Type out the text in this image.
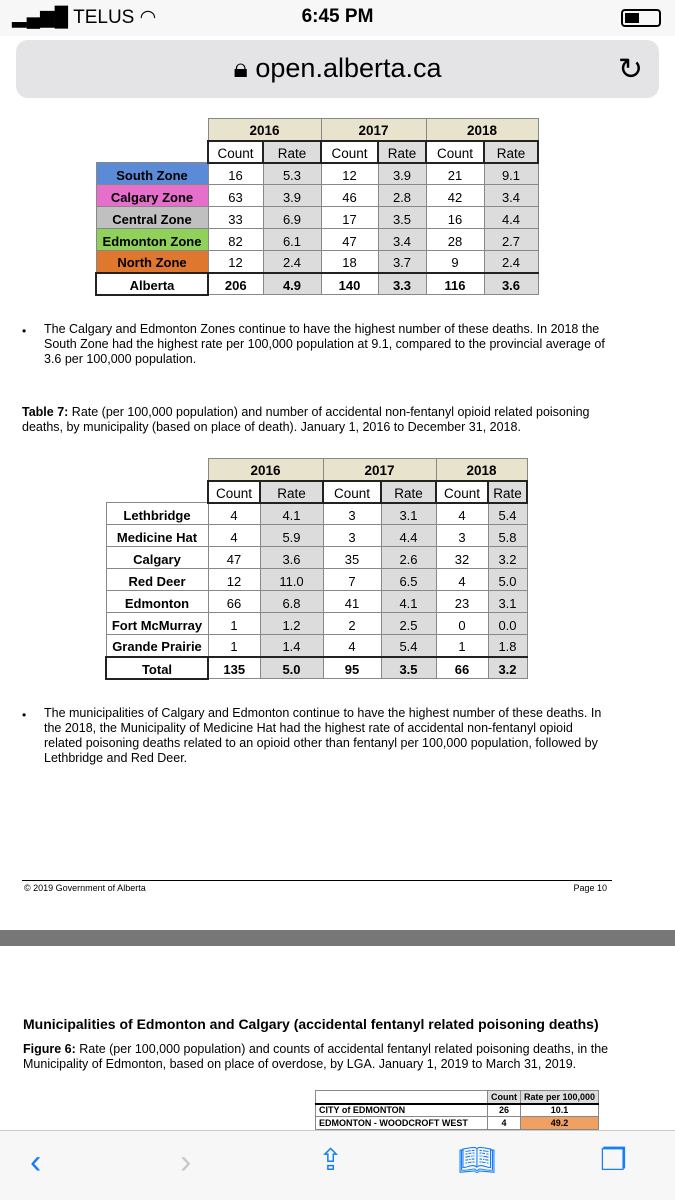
▂▄▆█ TELUS ◠	6:45 PM
🔒︎ open.alberta.ca	↻
	2016		2017		2018	
	Count	Rate	Count	Rate	Count	Rate
South Zone	16	5.3	12	3.9	21	9.1
Calgary Zone	63	3.9	46	2.8	42	3.4
Central Zone	33	6.9	17	3.5	16	4.4
Edmonton Zone	82	6.1	47	3.4	28	2.7
North Zone	12	2.4	18	3.7	9	2.4
Alberta	206	4.9	140	3.3	116	3.6
• The Calgary and Edmonton Zones continue to have the highest number of these deaths. In 2018 the South Zone had the highest rate per 100,000 population at 9.1, compared to the provincial average of 3.6 per 100,000 population.
Table 7: Rate (per 100,000 population) and number of accidental non-fentanyl opioid related poisoning deaths, by municipality (based on place of death). January 1, 2016 to December 31, 2018.
	2016		2017		2018	
	Count	Rate	Count	Rate	Count	Rate
Lethbridge	4	4.1	3	3.1	4	5.4
Medicine Hat	4	5.9	3	4.4	3	5.8
Calgary	47	3.6	35	2.6	32	3.2
Red Deer	12	11.0	7	6.5	4	5.0
Edmonton	66	6.8	41	4.1	23	3.1
Fort McMurray	1	1.2	2	2.5	0	0.0
Grande Prairie	1	1.4	4	5.4	1	1.8
Total	135	5.0	95	3.5	66	3.2
• The municipalities of Calgary and Edmonton continue to have the highest number of these deaths. In the 2018, the Municipality of Medicine Hat had the highest rate of accidental non-fentanyl opioid related poisoning deaths related to an opioid other than fentanyl per 100,000 population, followed by Lethbridge and Red Deer.
© 2019 Government of Alberta	Page 10
Municipalities of Edmonton and Calgary (accidental fentanyl related poisoning deaths)
Figure 6: Rate (per 100,000 population) and counts of accidental fentanyl related poisoning deaths, in the Municipality of Edmonton, based on place of overdose, by LGA. January 1, 2019 to March 31, 2019.
	Count	Rate per 100,000
CITY of EDMONTON	26	10.1
EDMONTON - WOODCROFT WEST	4	49.2
‹	›	⇪	📖︎	❐
